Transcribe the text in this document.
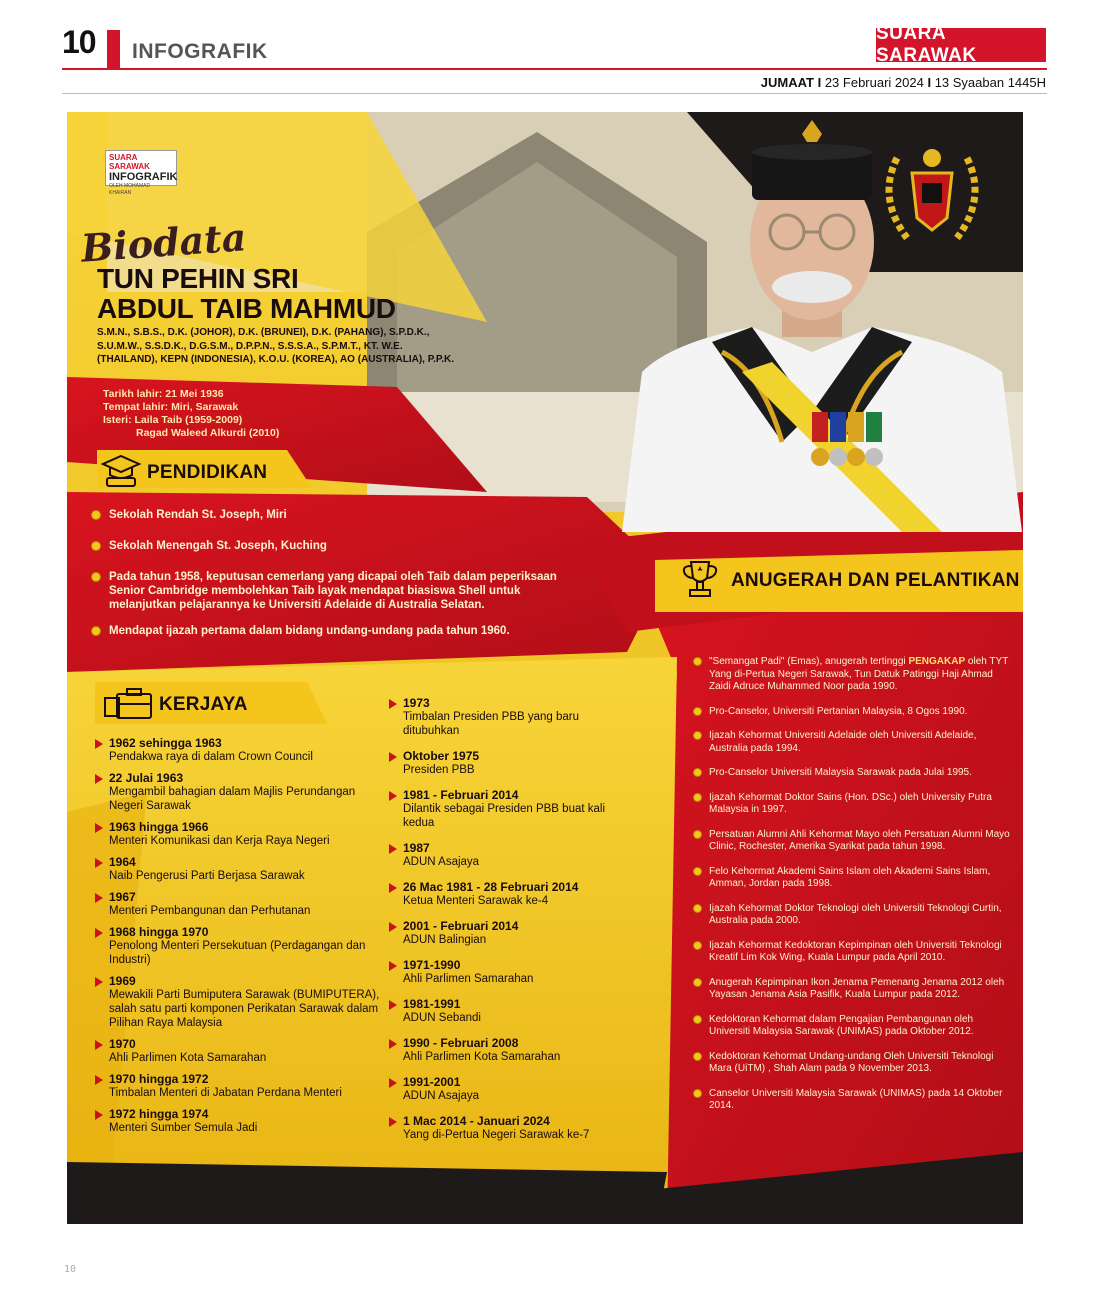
10 INFOGRAFIK
SUARA SARAWAK
JUMAAT I 23 Februari 2024 I 13 Syaaban 1445H
SUARA SARAWAK
INFOGRAFIK
OLEH MOHAMAD KHAIRAN
Biodata
TUN PEHIN SRI
ABDUL TAIB MAHMUD
S.M.N., S.B.S., D.K. (JOHOR), D.K. (BRUNEI), D.K. (PAHANG), S.P.D.K., S.U.M.W., S.S.D.K., D.G.S.M., D.P.P.N., S.S.S.A., S.P.M.T., KT. W.E. (THAILAND), KEPN (INDONESIA), K.O.U. (KOREA), AO (AUSTRALIA), P.P.K.
Tarikh lahir: 21 Mei 1936
Tempat lahir: Miri, Sarawak
Isteri: Laila Taib (1959-2009)
Ragad Waleed Alkurdi (2010)
PENDIDIKAN
Sekolah Rendah St. Joseph, Miri
Sekolah Menengah St. Joseph, Kuching
Pada tahun 1958, keputusan cemerlang yang dicapai oleh Taib dalam peperiksaan Senior Cambridge membolehkan Taib layak mendapat biasiswa Shell untuk melanjutkan pelajarannya ke Universiti Adelaide di Australia Selatan.
Mendapat ijazah pertama dalam bidang undang-undang pada tahun 1960.
KERJAYA
1962 sehingga 1963
Pendakwa raya di dalam Crown Council
22 Julai 1963
Mengambil bahagian dalam Majlis Perundangan Negeri Sarawak
1963 hingga 1966
Menteri Komunikasi dan Kerja Raya Negeri
1964
Naib Pengerusi Parti Berjasa Sarawak
1967
Menteri Pembangunan dan Perhutanan
1968 hingga 1970
Penolong Menteri Persekutuan (Perdagangan dan Industri)
1969
Mewakili Parti Bumiputera Sarawak (BUMIPUTERA), salah satu parti komponen Perikatan Sarawak dalam Pilihan Raya Malaysia
1970
Ahli Parlimen Kota Samarahan
1970 hingga 1972
Timbalan Menteri di Jabatan Perdana Menteri
1972 hingga 1974
Menteri Sumber Semula Jadi
1973
Timbalan Presiden PBB yang baru ditubuhkan
Oktober 1975
Presiden PBB
1981 - Februari 2014
Dilantik sebagai Presiden PBB buat kali kedua
1987
ADUN Asajaya
26 Mac 1981 - 28 Februari 2014
Ketua Menteri Sarawak ke-4
2001 - Februari 2014
ADUN Balingian
1971-1990
Ahli Parlimen Samarahan
1981-1991
ADUN Sebandi
1990 - Februari 2008
Ahli Parlimen Kota Samarahan
1991-2001
ADUN Asajaya
1 Mac 2014 - Januari 2024
Yang di-Pertua Negeri Sarawak ke-7
ANUGERAH DAN PELANTIKAN
"Semangat Padi" (Emas), anugerah tertinggi PENGAKAP oleh TYT Yang di-Pertua Negeri Sarawak, Tun Datuk Patinggi Haji Ahmad Zaidi Adruce Muhammed Noor pada 1990.
Pro-Canselor, Universiti Pertanian Malaysia, 8 Ogos 1990.
Ijazah Kehormat Universiti Adelaide oleh Universiti Adelaide, Australia pada 1994.
Pro-Canselor Universiti Malaysia Sarawak pada Julai 1995.
Ijazah Kehormat Doktor Sains (Hon. DSc.) oleh University Putra Malaysia in 1997.
Persatuan Alumni Ahli Kehormat Mayo oleh Persatuan Alumni Mayo Clinic, Rochester, Amerika Syarikat pada tahun 1998.
Felo Kehormat Akademi Sains Islam oleh Akademi Sains Islam, Amman, Jordan pada 1998.
Ijazah Kehormat Doktor Teknologi oleh Universiti Teknologi Curtin, Australia pada 2000.
Ijazah Kehormat Kedoktoran Kepimpinan oleh Universiti Teknologi Kreatif Lim Kok Wing, Kuala Lumpur pada April 2010.
Anugerah Kepimpinan Ikon Jenama Pemenang Jenama 2012 oleh Yayasan Jenama Asia Pasifik, Kuala Lumpur pada 2012.
Kedoktoran Kehormat dalam Pengajian Pembangunan oleh Universiti Malaysia Sarawak (UNIMAS) pada Oktober 2012.
Kedoktoran Kehormat Undang-undang Oleh Universiti Teknologi Mara (UiTM) , Shah Alam pada 9 November 2013.
Canselor Universiti Malaysia Sarawak (UNIMAS) pada 14 Oktober 2014.
10
